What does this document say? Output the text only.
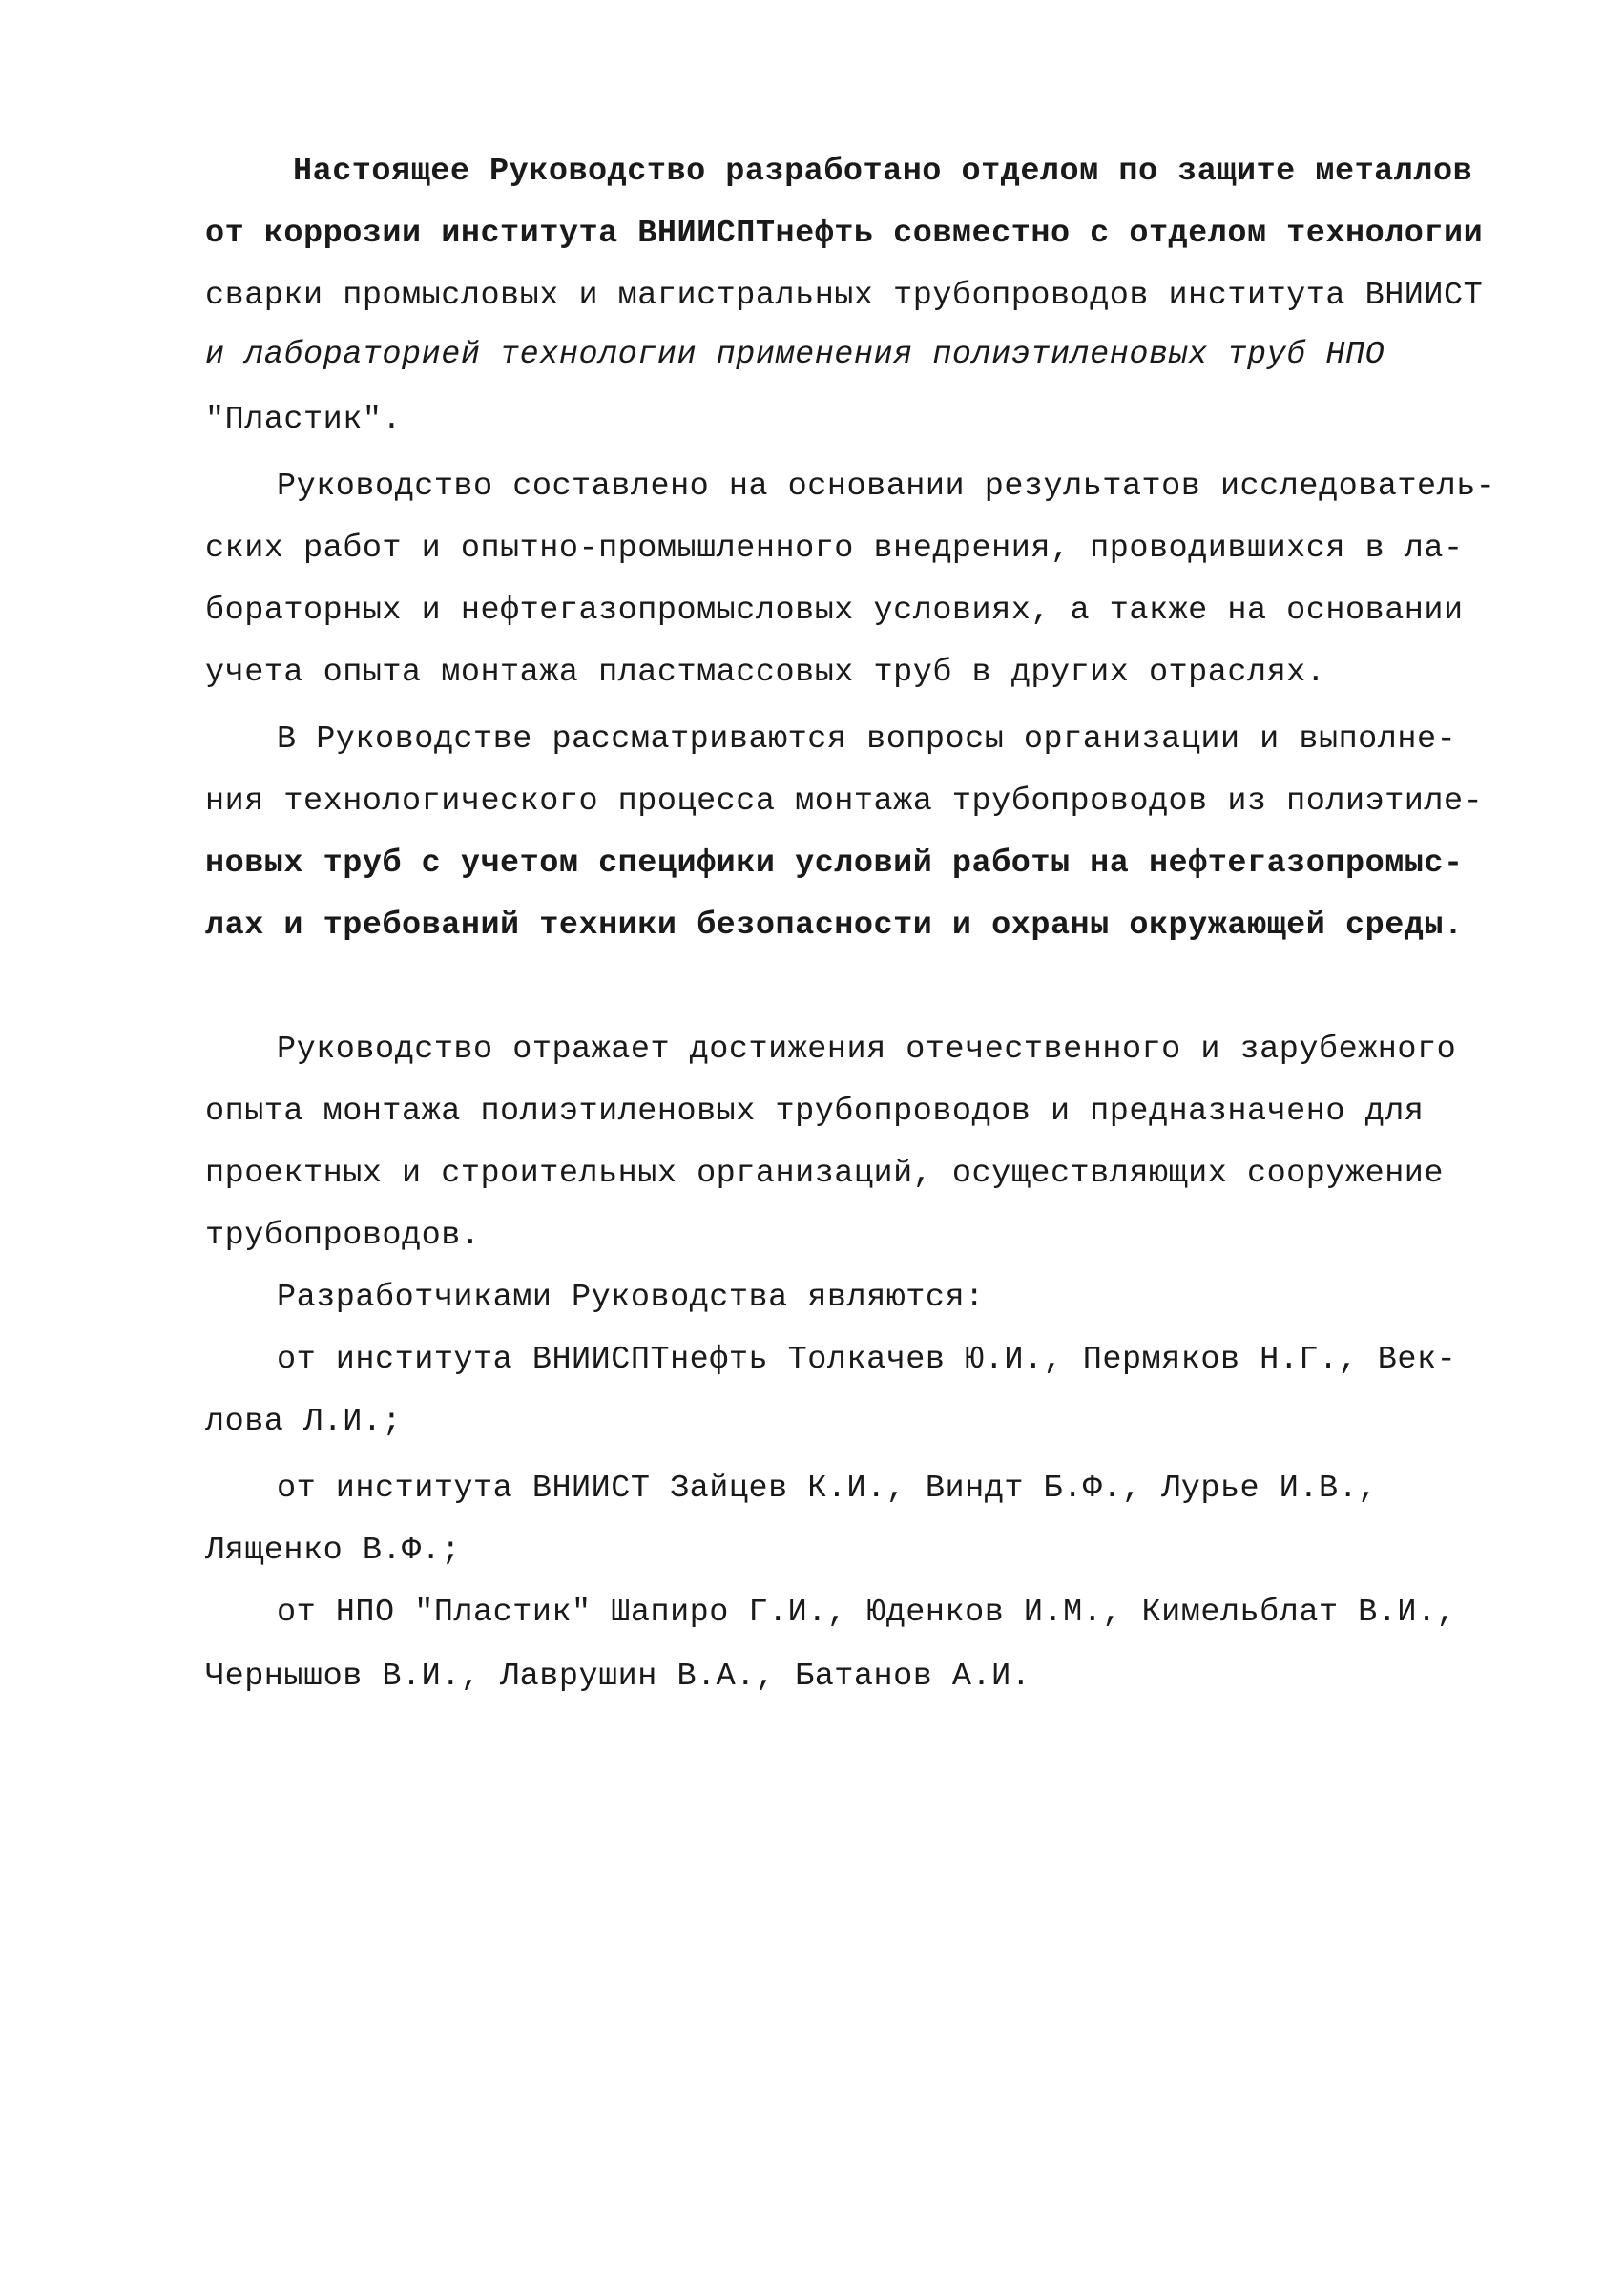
Настоящее Руководство разработано отделом по защите металлов
от коррозии института ВНИИСПТнефть совместно с отделом технологии
сварки промысловых и магистральных трубопроводов института ВНИИСТ
и лабораторией технологии применения полиэтиленовых труб НПО
"Пластик".
Руководство составлено на основании результатов исследователь-
ских работ и опытно-промышленного внедрения, проводившихся в ла-
бораторных и нефтегазопромысловых условиях, а также на основании
учета опыта монтажа пластмассовых труб в других отраслях.
В Руководстве рассматриваются вопросы организации и выполне-
ния технологического процесса монтажа трубопроводов из полиэтиле-
новых труб с учетом специфики условий работы на нефтегазопромыс-
лах и требований техники безопасности и охраны окружающей среды.
Руководство отражает достижения отечественного и зарубежного
опыта монтажа полиэтиленовых трубопроводов и предназначено для
проектных и строительных организаций, осуществляющих сооружение
трубопроводов.
Разработчиками Руководства являются:
от института ВНИИСПТнефть Толкачев Ю.И., Пермяков Н.Г., Век-
лова Л.И.;
от института ВНИИСТ Зайцев К.И., Виндт Б.Ф., Лурье И.В.,
Лященко В.Ф.;
от НПО "Пластик" Шапиро Г.И., Юденков И.М., Кимельблат В.И.,
Чернышов В.И., Лаврушин В.А., Батанов А.И.
